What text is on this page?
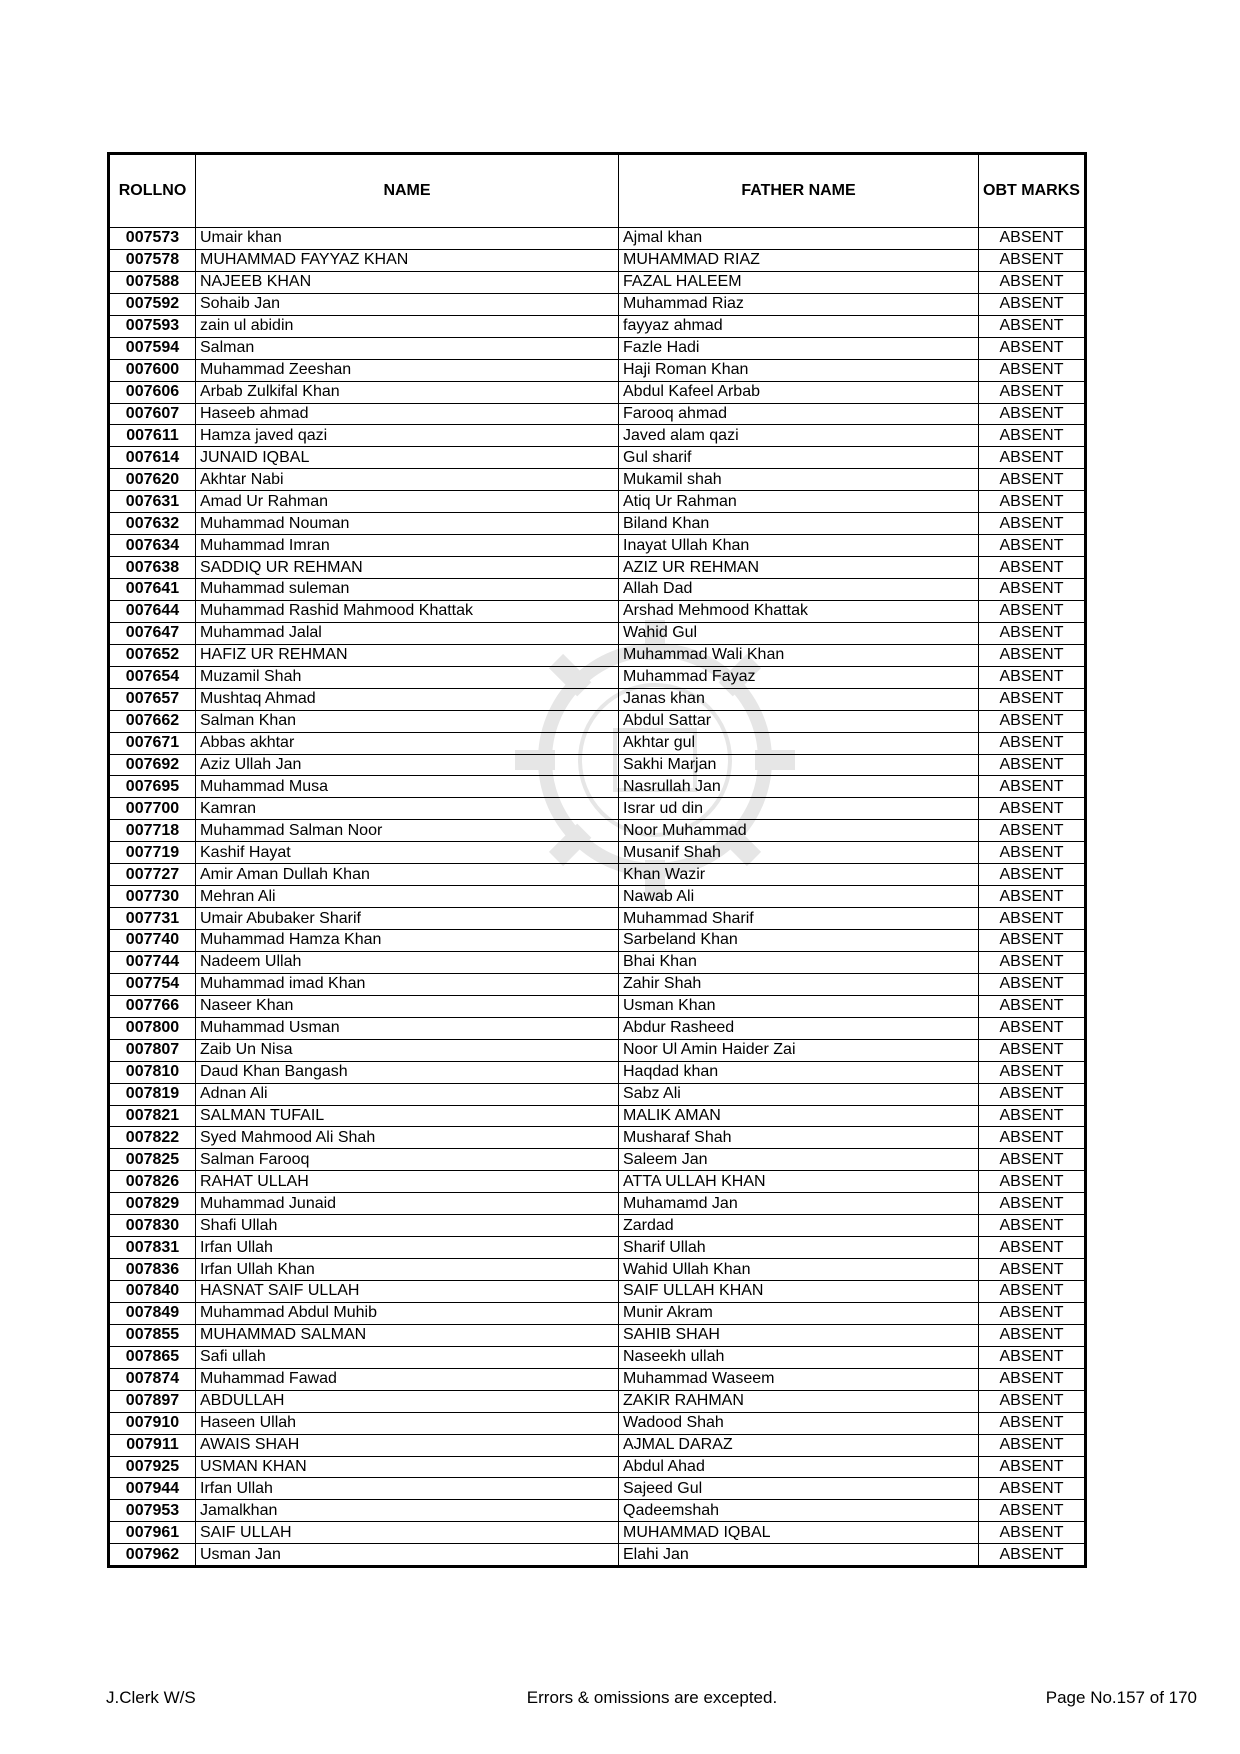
ROLLNO	NAME	FATHER NAME	OBT MARKS
007573	Umair khan	Ajmal khan	ABSENT
007578	MUHAMMAD FAYYAZ KHAN	MUHAMMAD RIAZ	ABSENT
007588	NAJEEB KHAN	FAZAL HALEEM	ABSENT
007592	Sohaib Jan	Muhammad Riaz	ABSENT
007593	zain ul abidin	fayyaz ahmad	ABSENT
007594	Salman	Fazle Hadi	ABSENT
007600	Muhammad Zeeshan	Haji Roman Khan	ABSENT
007606	Arbab Zulkifal Khan	Abdul Kafeel Arbab	ABSENT
007607	Haseeb ahmad	Farooq ahmad	ABSENT
007611	Hamza javed qazi	Javed alam qazi	ABSENT
007614	JUNAID IQBAL	Gul sharif	ABSENT
007620	Akhtar Nabi	Mukamil shah	ABSENT
007631	Amad Ur Rahman	Atiq Ur Rahman	ABSENT
007632	Muhammad Nouman	Biland Khan	ABSENT
007634	Muhammad Imran	Inayat Ullah Khan	ABSENT
007638	SADDIQ UR REHMAN	AZIZ UR REHMAN	ABSENT
007641	Muhammad suleman	Allah Dad	ABSENT
007644	Muhammad Rashid Mahmood Khattak	Arshad Mehmood Khattak	ABSENT
007647	Muhammad Jalal	Wahid Gul	ABSENT
007652	HAFIZ UR REHMAN	Muhammad Wali Khan	ABSENT
007654	Muzamil Shah	Muhammad Fayaz	ABSENT
007657	Mushtaq Ahmad	Janas khan	ABSENT
007662	Salman Khan	Abdul Sattar	ABSENT
007671	Abbas akhtar	Akhtar gul	ABSENT
007692	Aziz Ullah Jan	Sakhi Marjan	ABSENT
007695	Muhammad Musa	Nasrullah Jan	ABSENT
007700	Kamran	Israr ud din	ABSENT
007718	Muhammad Salman Noor	Noor Muhammad	ABSENT
007719	Kashif Hayat	Musanif Shah	ABSENT
007727	Amir Aman Dullah Khan	Khan Wazir	ABSENT
007730	Mehran Ali	Nawab Ali	ABSENT
007731	Umair Abubaker Sharif	Muhammad Sharif	ABSENT
007740	Muhammad Hamza Khan	Sarbeland Khan	ABSENT
007744	Nadeem Ullah	Bhai Khan	ABSENT
007754	Muhammad imad Khan	Zahir Shah	ABSENT
007766	Naseer Khan	Usman Khan	ABSENT
007800	Muhammad Usman	Abdur Rasheed	ABSENT
007807	Zaib Un Nisa	Noor Ul Amin Haider Zai	ABSENT
007810	Daud Khan Bangash	Haqdad khan	ABSENT
007819	Adnan Ali	Sabz Ali	ABSENT
007821	SALMAN TUFAIL	MALIK AMAN	ABSENT
007822	Syed Mahmood Ali Shah	Musharaf Shah	ABSENT
007825	Salman Farooq	Saleem Jan	ABSENT
007826	RAHAT ULLAH	ATTA ULLAH KHAN	ABSENT
007829	Muhammad Junaid	Muhamamd Jan	ABSENT
007830	Shafi Ullah	Zardad	ABSENT
007831	Irfan Ullah	Sharif Ullah	ABSENT
007836	Irfan Ullah Khan	Wahid Ullah Khan	ABSENT
007840	HASNAT SAIF ULLAH	SAIF ULLAH KHAN	ABSENT
007849	Muhammad Abdul Muhib	Munir Akram	ABSENT
007855	MUHAMMAD SALMAN	SAHIB SHAH	ABSENT
007865	Safi ullah	Naseekh ullah	ABSENT
007874	Muhammad Fawad	Muhammad Waseem	ABSENT
007897	ABDULLAH	ZAKIR RAHMAN	ABSENT
007910	Haseen Ullah	Wadood Shah	ABSENT
007911	AWAIS SHAH	AJMAL DARAZ	ABSENT
007925	USMAN KHAN	Abdul Ahad	ABSENT
007944	Irfan Ullah	Sajeed Gul	ABSENT
007953	Jamalkhan	Qadeemshah	ABSENT
007961	SAIF ULLAH	MUHAMMAD IQBAL	ABSENT
007962	Usman Jan	Elahi Jan	ABSENT
J.Clerk W/S	Errors & omissions are excepted.	Page No.157 of 170
